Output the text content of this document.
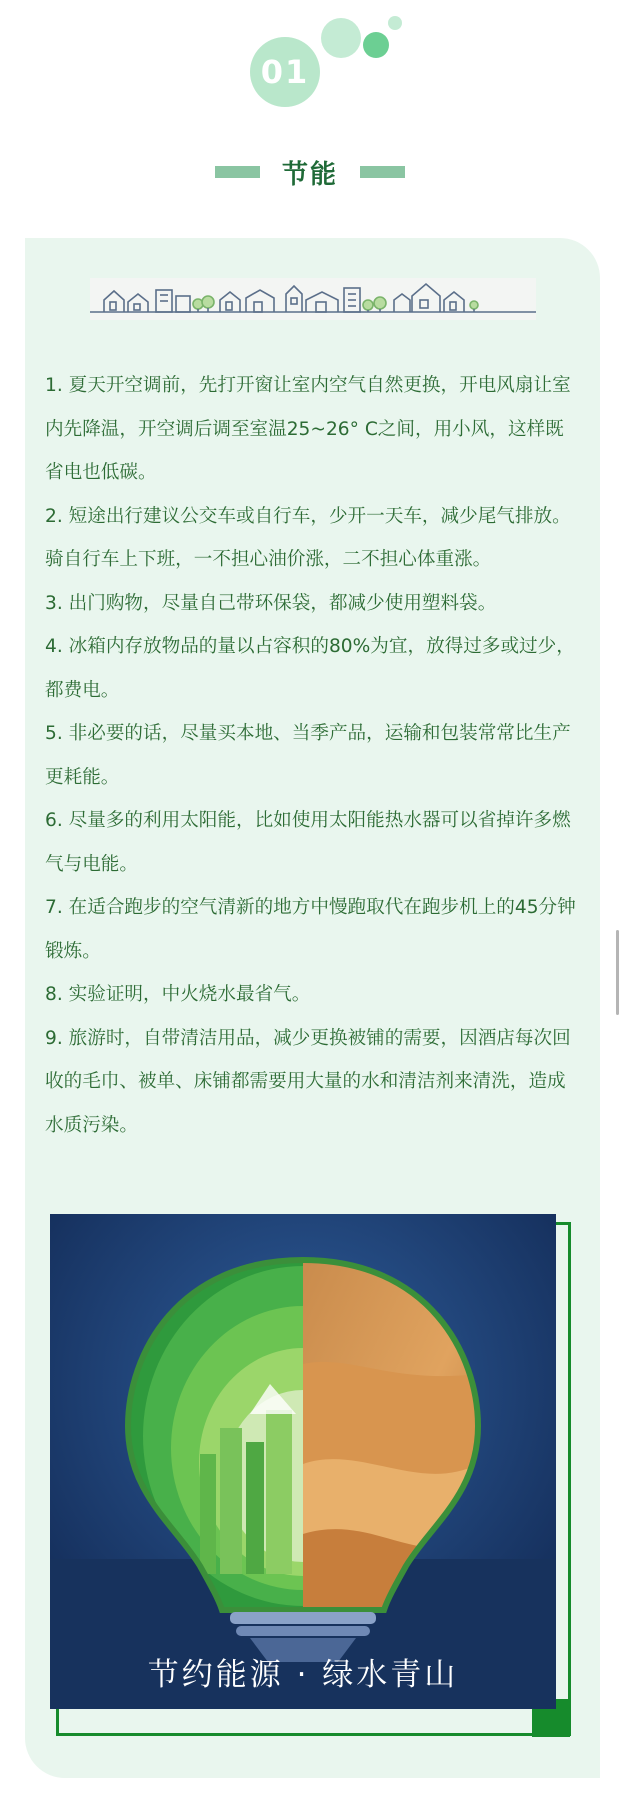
01
节能

1. 夏天开空调前，先打开窗让室内空气自然更换，开电风扇让室内先降温，开空调后调至室温25~26° C之间，用小风，这样既省电也低碳。

2. 短途出行建议公交车或自行车，少开一天车，减少尾气排放。骑自行车上下班，一不担心油价涨，二不担心体重涨。

3. 出门购物，尽量自己带环保袋，都减少使用塑料袋。

4. 冰箱内存放物品的量以占容积的80%为宜，放得过多或过少，都费电。

5. 非必要的话，尽量买本地、当季产品，运输和包装常常比生产更耗能。

6. 尽量多的利用太阳能，比如使用太阳能热水器可以省掉许多燃气与电能。

7. 在适合跑步的空气清新的地方中慢跑取代在跑步机上的45分钟锻炼。

8. 实验证明，中火烧水最省气。

9. 旅游时，自带清洁用品，减少更换被铺的需要，因酒店每次回收的毛巾、被单、床铺都需要用大量的水和清洁剂来清洗，造成水质污染。

节约能源 · 绿水青山
